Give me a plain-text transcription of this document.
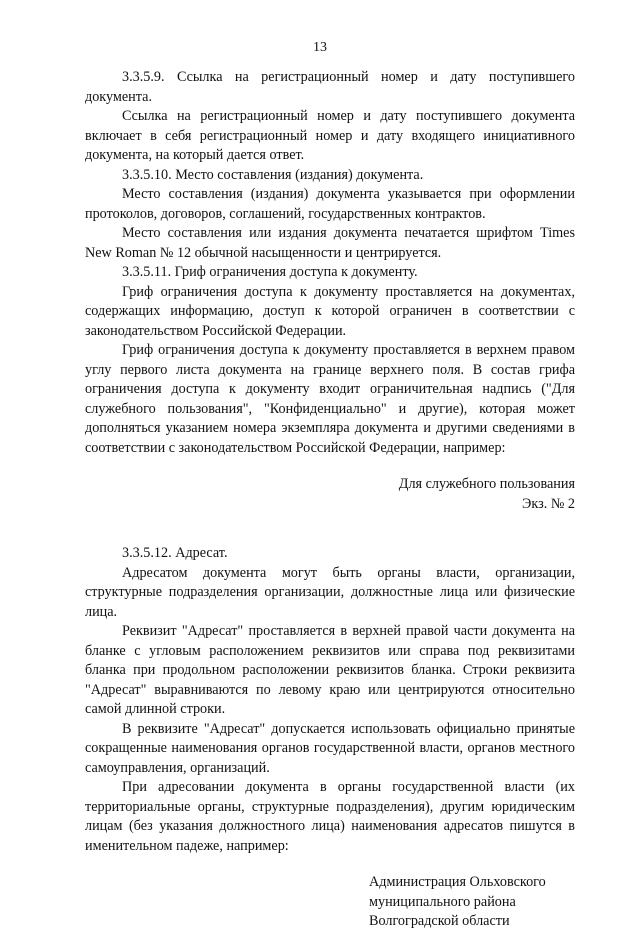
13

3.3.5.9. Ссылка на регистрационный номер и дату поступившего документа.

Ссылка на регистрационный номер и дату поступившего документа включает в себя регистрационный номер и дату входящего инициативного документа, на который дается ответ.

3.3.5.10. Место составления (издания) документа.

Место составления (издания) документа указывается при оформлении протоколов, договоров, соглашений, государственных контрактов.

Место составления или издания документа печатается шрифтом Times New Roman № 12 обычной насыщенности и центрируется.

3.3.5.11. Гриф ограничения доступа к документу.

Гриф ограничения доступа к документу проставляется на документах, содержащих информацию, доступ к которой ограничен в соответствии с законодательством Российской Федерации.

Гриф ограничения доступа к документу проставляется в верхнем правом углу первого листа документа на границе верхнего поля. В состав грифа ограничения доступа к документу входит ограничительная надпись ("Для служебного пользования", "Конфиденциально" и другие), которая может дополняться указанием номера экземпляра документа и другими сведениями в соответствии с законодательством Российской Федерации, например:

Для служебного пользования
Экз. № 2

3.3.5.12. Адресат.

Адресатом документа могут быть органы власти, организации, структурные подразделения организации, должностные лица или физические лица.

Реквизит "Адресат" проставляется в верхней правой части документа на бланке с угловым расположением реквизитов или справа под реквизитами бланка при продольном расположении реквизитов бланка. Строки реквизита "Адресат" выравниваются по левому краю или центрируются относительно самой длинной строки.

В реквизите "Адресат" допускается использовать официально принятые сокращенные наименования органов государственной власти, органов местного самоуправления, организаций.

При адресовании документа в органы государственной власти (их территориальные органы, структурные подразделения), другим юридическим лицам (без указания должностного лица) наименования адресатов пишутся в именительном падеже, например:

Администрация Ольховского
муниципального района
Волгоградской области
